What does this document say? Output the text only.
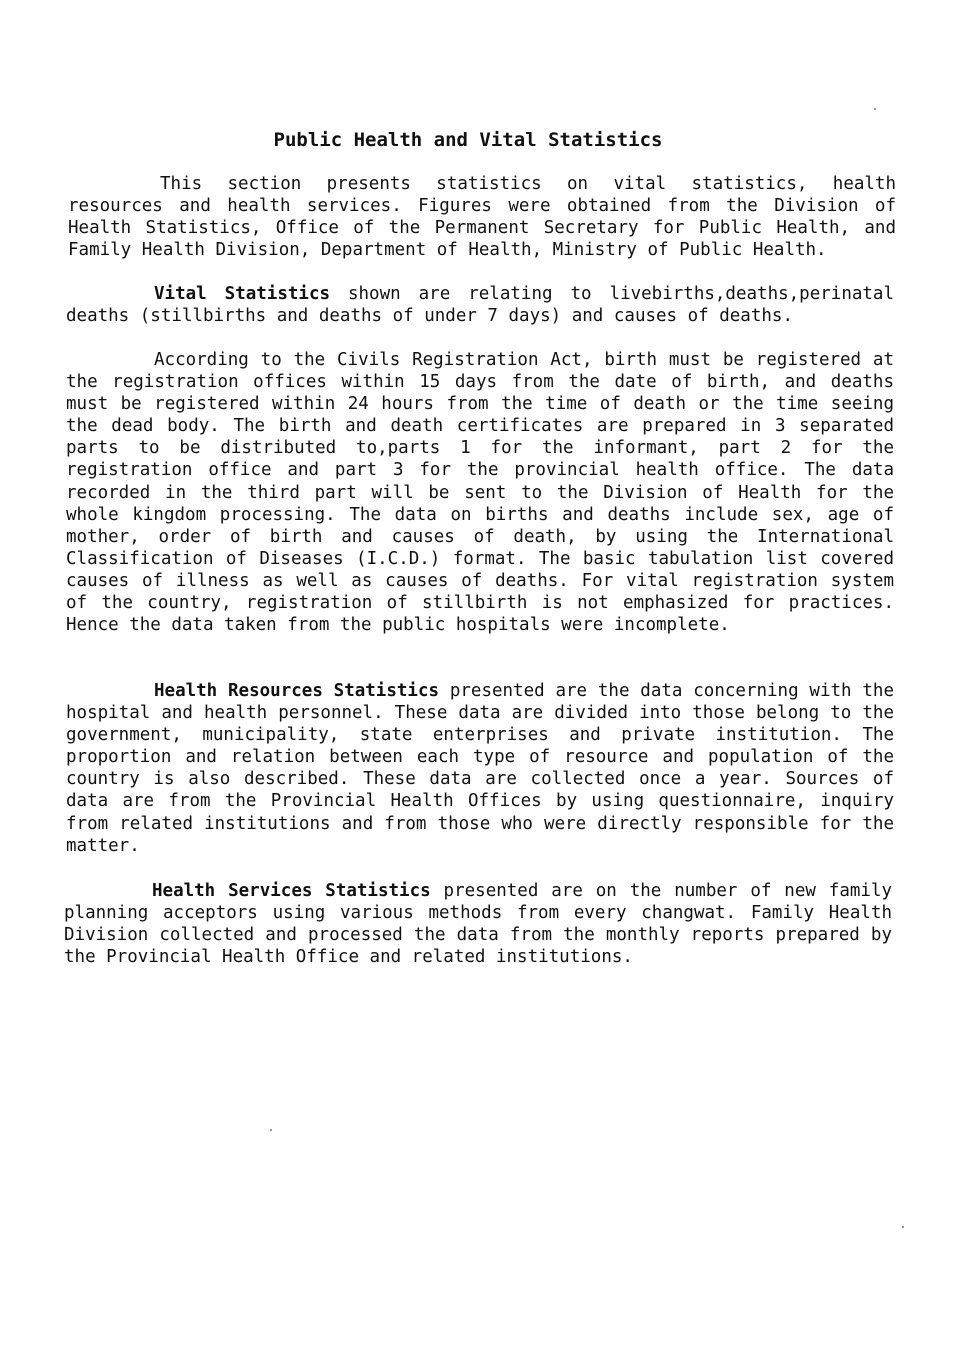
Public Health and Vital Statistics

This section presents statistics on vital statistics, health resources and health services. Figures were obtained from the Division of Health Statistics, Office of the Permanent Secretary for Public Health, and Family Health Division, Department of Health, Ministry of Public Health.

Vital Statistics shown are relating to livebirths,deaths,perinatal deaths (stillbirths and deaths of under 7 days) and causes of deaths.

According to the Civils Registration Act, birth must be registered at the registration offices within 15 days from the date of birth, and deaths must be registered within 24 hours from the time of death or the time seeing the dead body. The birth and death certificates are prepared in 3 separated parts to be distributed to,parts 1 for the informant, part 2 for the registration office and part 3 for the provincial health office. The data recorded in the third part will be sent to the Division of Health for the whole kingdom processing. The data on births and deaths include sex, age of mother, order of birth and causes of death, by using the International Classification of Diseases (I.C.D.) format. The basic tabulation list covered causes of illness as well as causes of deaths. For vital registration system of the country, registration of stillbirth is not emphasized for practices. Hence the data taken from the public hospitals were incomplete.

Health Resources Statistics presented are the data concerning with the hospital and health personnel. These data are divided into those belong to the government, municipality, state enterprises and private institution. The proportion and relation between each type of resource and population of the country is also described. These data are collected once a year. Sources of data are from the Provincial Health Offices by using questionnaire, inquiry from related institutions and from those who were directly responsible for the matter.

Health Services Statistics presented are on the number of new family planning acceptors using various methods from every changwat. Family Health Division collected and processed the data from the monthly reports prepared by the Provincial Health Office and related institutions.
